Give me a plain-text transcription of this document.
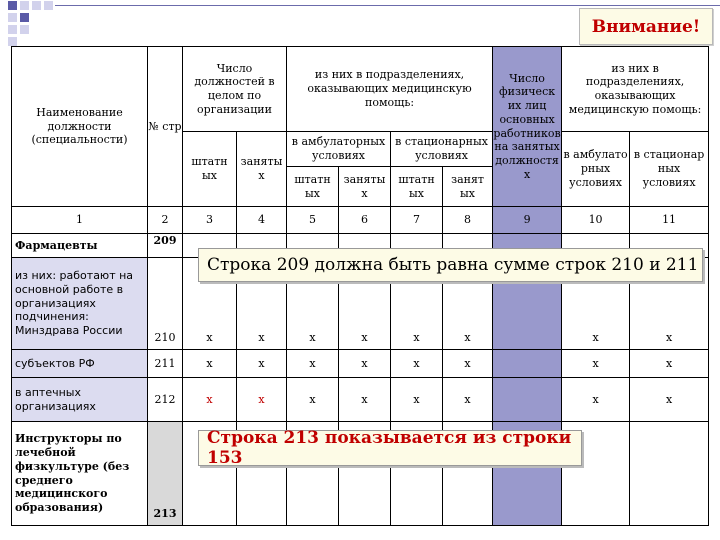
Внимание!
Наименование должности (специальности)	№ стр	Число должностей в целом по организации		из них в подразделениях, оказывающих медицинскую помощь:				Число физическ их лиц основных работников на занятых должностя х	из них в подразделениях, оказывающих медицинскую помощь:	
		штатн ых	заняты х	в амбулаторных условиях		в стационарных условиях			в амбулато рных условиях	в стационар ных условиях
				штатн ых	заняты х	штатн ых	занят ых			
1	2	3	4	5	6	7	8	9	10	11
Фармацевты	209									
из них: работают на основной работе в организациях подчинения: Минздрава России	210	x	x	x	x	x	x		x	x
субъектов РФ	211	x	x	x	x	x	x		x	x
в аптечных организациях	212	x	x	x	x	x	x		x	x
Инструкторы по лечебной физкультуре (без среднего медицинского образования)	213									
Строка 209 должна быть равна сумме строк 210 и 211
Строка 213 показывается из строки 153
